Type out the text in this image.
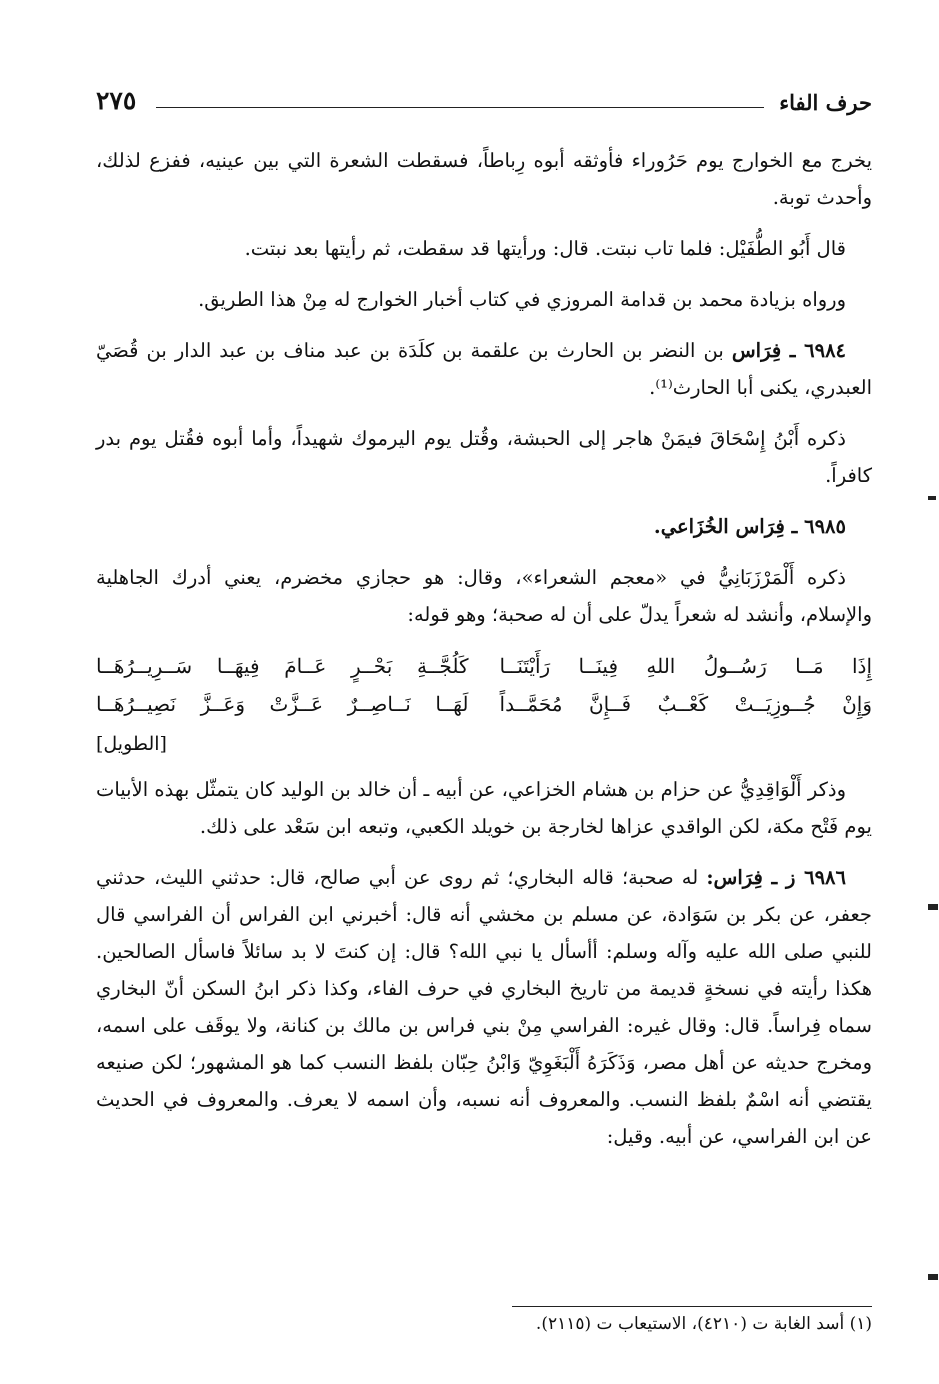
حرف الفاء
٢٧٥

يخرج مع الخوارج يوم حَرُوراء فأوثقه أبوه رِباطاً، فسقطت الشعرة التي بين عينيه، ففزع لذلك، وأحدث توبة.

قال أَبُو الطُّفَيْل: فلما تاب نبتت. قال: ورأيتها قد سقطت، ثم رأيتها بعد نبتت.

ورواه بزيادة محمد بن قدامة المروزي في كتاب أخبار الخوارج له مِنْ هذا الطريق.

٦٩٨٤ ـ فِرَاس بن النضر بن الحارث بن علقمة بن كلَدَة بن عبد مناف بن عبد الدار بن قُصَيّ العبدري، يكنى أبا الحارث⁽¹⁾.

ذكره أَبْنُ إِسْحَاقَ فيمَنْ هاجر إلى الحبشة، وقُتل يوم اليرموك شهيداً، وأما أبوه فقُتل يوم بدر كافراً.

٦٩٨٥ ـ فِرَاس الخُزَاعي.

ذكره أَلْمَرْزَبَانِيُّ في «معجم الشعراء»، وقال: هو حجازي مخضرم، يعني أدرك الجاهلية والإسلام، وأنشد له شعراً يدلّ على أن له صحبة؛ وهو قوله:

إِذَا مَــا رَسُــولُ اللهِ فِينَــا رَأَيْتَنَــا
كَلُجَّــةِ بَحْــرٍ عَــامَ فِيهَــا سَــرِيــرُهَــا
وَإِنْ جُــوزِيَــتْ كَعْــبٌ فَــإِنَّ مُحَمَّــداً
لَهَــا نَــاصِــرٌ عَــزَّتْ وَعَــزَّ نَصِيــرُهَــا
[الطويل]

وذكر أَلْوَاقِدِيُّ عن حزام بن هشام الخزاعي، عن أبيه ـ أن خالد بن الوليد كان يتمثّل بهذه الأبيات يوم فَتْح مكة، لكن الواقدي عزاها لخارجة بن خويلد الكعبي، وتبعه ابن سَعْد على ذلك.

٦٩٨٦ ز ـ فِرَاس: له صحبة؛ قاله البخاري؛ ثم روى عن أبي صالح، قال: حدثني الليث، حدثني جعفر، عن بكر بن سَوَادة، عن مسلم بن مخشي أنه قال: أخبرني ابن الفراس أن الفراسي قال للنبي صلى الله عليه وآله وسلم: أأسأل يا نبي الله؟ قال: إن كنتَ لا بد سائلاً فاسأل الصالحين. هكذا رأيته في نسخةٍ قديمة من تاريخ البخاري في حرف الفاء، وكذا ذكر ابنُ السكن أنّ البخاري سماه فِراساً. قال: وقال غيره: الفراسي مِنْ بني فراس بن مالك بن كنانة، ولا يوقَف على اسمه، ومخرج حديثه عن أهل مصر، وَذَكَرَهُ أَلْبَغَوِيّ وَابْنُ حِبّان بلفظ النسب كما هو المشهور؛ لكن صنيعه يقتضي أنه اسْمٌ بلفظ النسب. والمعروف أنه نسبه، وأن اسمه لا يعرف. والمعروف في الحديث عن ابن الفراسي، عن أبيه. وقيل:

(١) أسد الغابة ت (٤٢١٠)، الاستيعاب ت (٢١١٥).
